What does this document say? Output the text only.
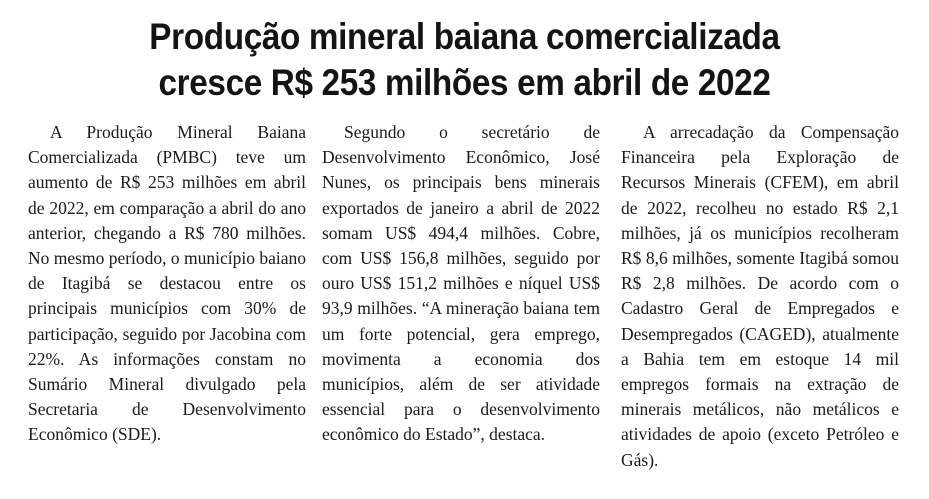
Produção mineral baiana comercializada
cresce R$ 253 milhões em abril de 2022

A Produção Mineral Baiana Comercializada (PMBC) teve um aumento de R$ 253 milhões em abril de 2022, em comparação a abril do ano anterior, chegando a R$ 780 milhões. No mesmo período, o município baiano de Itagibá se destacou entre os principais municípios com 30% de participação, seguido por Jacobina com 22%. As informações constam no Sumário Mineral divulgado pela Secretaria de Desenvolvimento Econômico (SDE).

Segundo o secretário de Desenvolvimento Econômico, José Nunes, os principais bens minerais exportados de janeiro a abril de 2022 somam US$ 494,4 milhões. Cobre, com US$ 156,8 milhões, seguido por ouro US$ 151,2 milhões e níquel US$ 93,9 milhões. “A mineração baiana tem um forte potencial, gera emprego, movimenta a economia dos municípios, além de ser atividade essencial para o desenvolvimento econômico do Estado”, destaca.

A arrecadação da Compensação Financeira pela Exploração de Recursos Minerais (CFEM), em abril de 2022, recolheu no estado R$ 2,1 milhões, já os municípios recolheram R$ 8,6 milhões, somente Itagibá somou R$ 2,8 milhões. De acordo com o Cadastro Geral de Empregados e Desempregados (CAGED), atualmente a Bahia tem em estoque 14 mil empregos formais na extração de minerais metálicos, não metálicos e atividades de apoio (exceto Petróleo e Gás).
